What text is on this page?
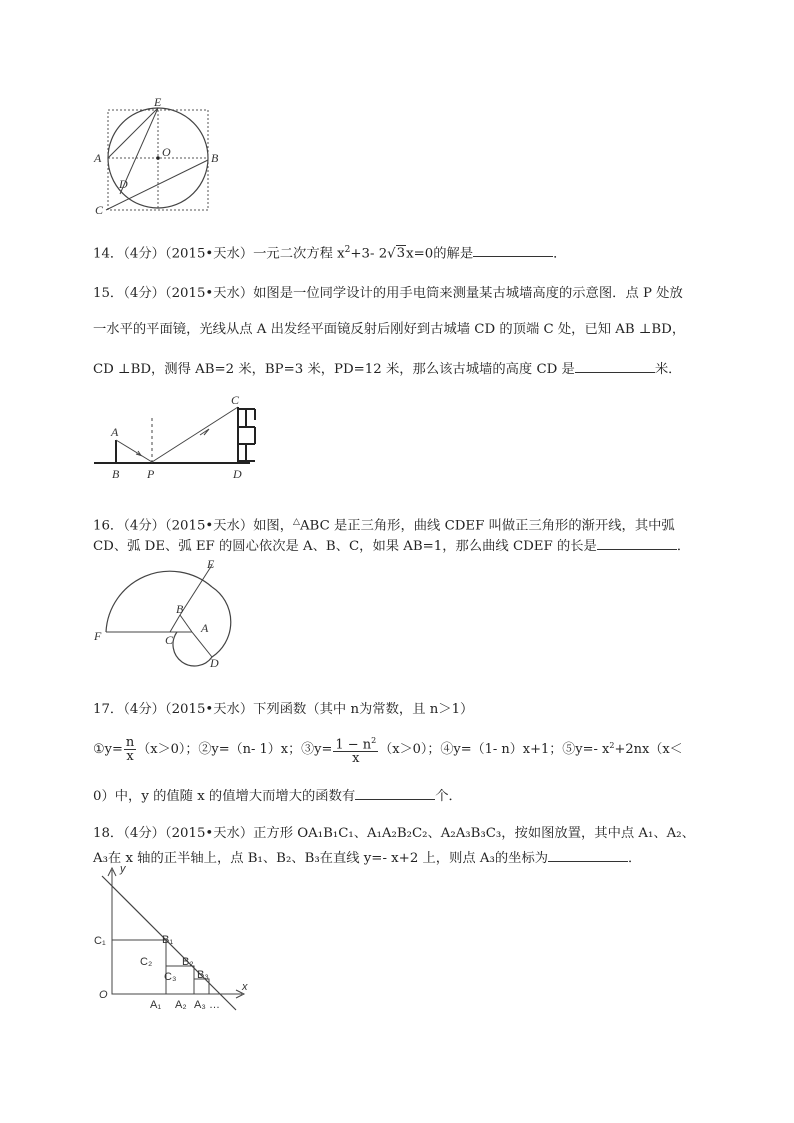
E
A	O	B
D
C
14．（4分）（2015•天水）一元二次方程 $x^2+3-$ 2√3x=0的解是	．
15．（4分）（2015•天水）如图是一位同学设计的用手电筒来测量某古城墙高度的示意图．点 P 处放
一水平的平面镜，光线从点 A 出发经平面镜反射后刚好到古城墙 CD 的顶端 C 处，已知 AB ⊥BD，
CD ⊥BD，测得 AB=2 米，BP=3 米，PD=12 米，那么该古城墙的高度 CD 是	米．
A
B P
C
D
16．（4分）（2015•天水）如图，△ABC 是正三角形，曲线 CDEF 叫做正三角形的渐开线，其中弧
CD、弧 DE、弧 EF 的圆心依次是 A、B、C，如果 AB=1，那么曲线 CDEF 的长是	．
E
B
A
F	C
D
17．（4分）（2015•天水）下列函数（其中 n为常数，且 n＞1）
①y= $\frac{n}{x} (x>0)$；②y=（n- 1）x；③y= $\frac{1 - n^2}{x} (x>0)$；④y=（1- n）x+1；⑤y=- $x^2+2nx(x<$
0）中，y 的值随 x 的值增大而增大的函数有	个．
18．（4分）（2015•天水）正方形 OA₁B₁C₁、A₁A₂B₂C₂、A₂A₃B₃C₃，按如图放置，其中点 A₁、A₂、
A₃在 x 轴的正半轴上，点 B₁、B₂、B₃在直线 y=- x+2 上，则点 A₃的坐标为	．
y
x
O
C₁	B₁
C₂	B₂
C₃ B₃
A₁ A₂ A₃ …
